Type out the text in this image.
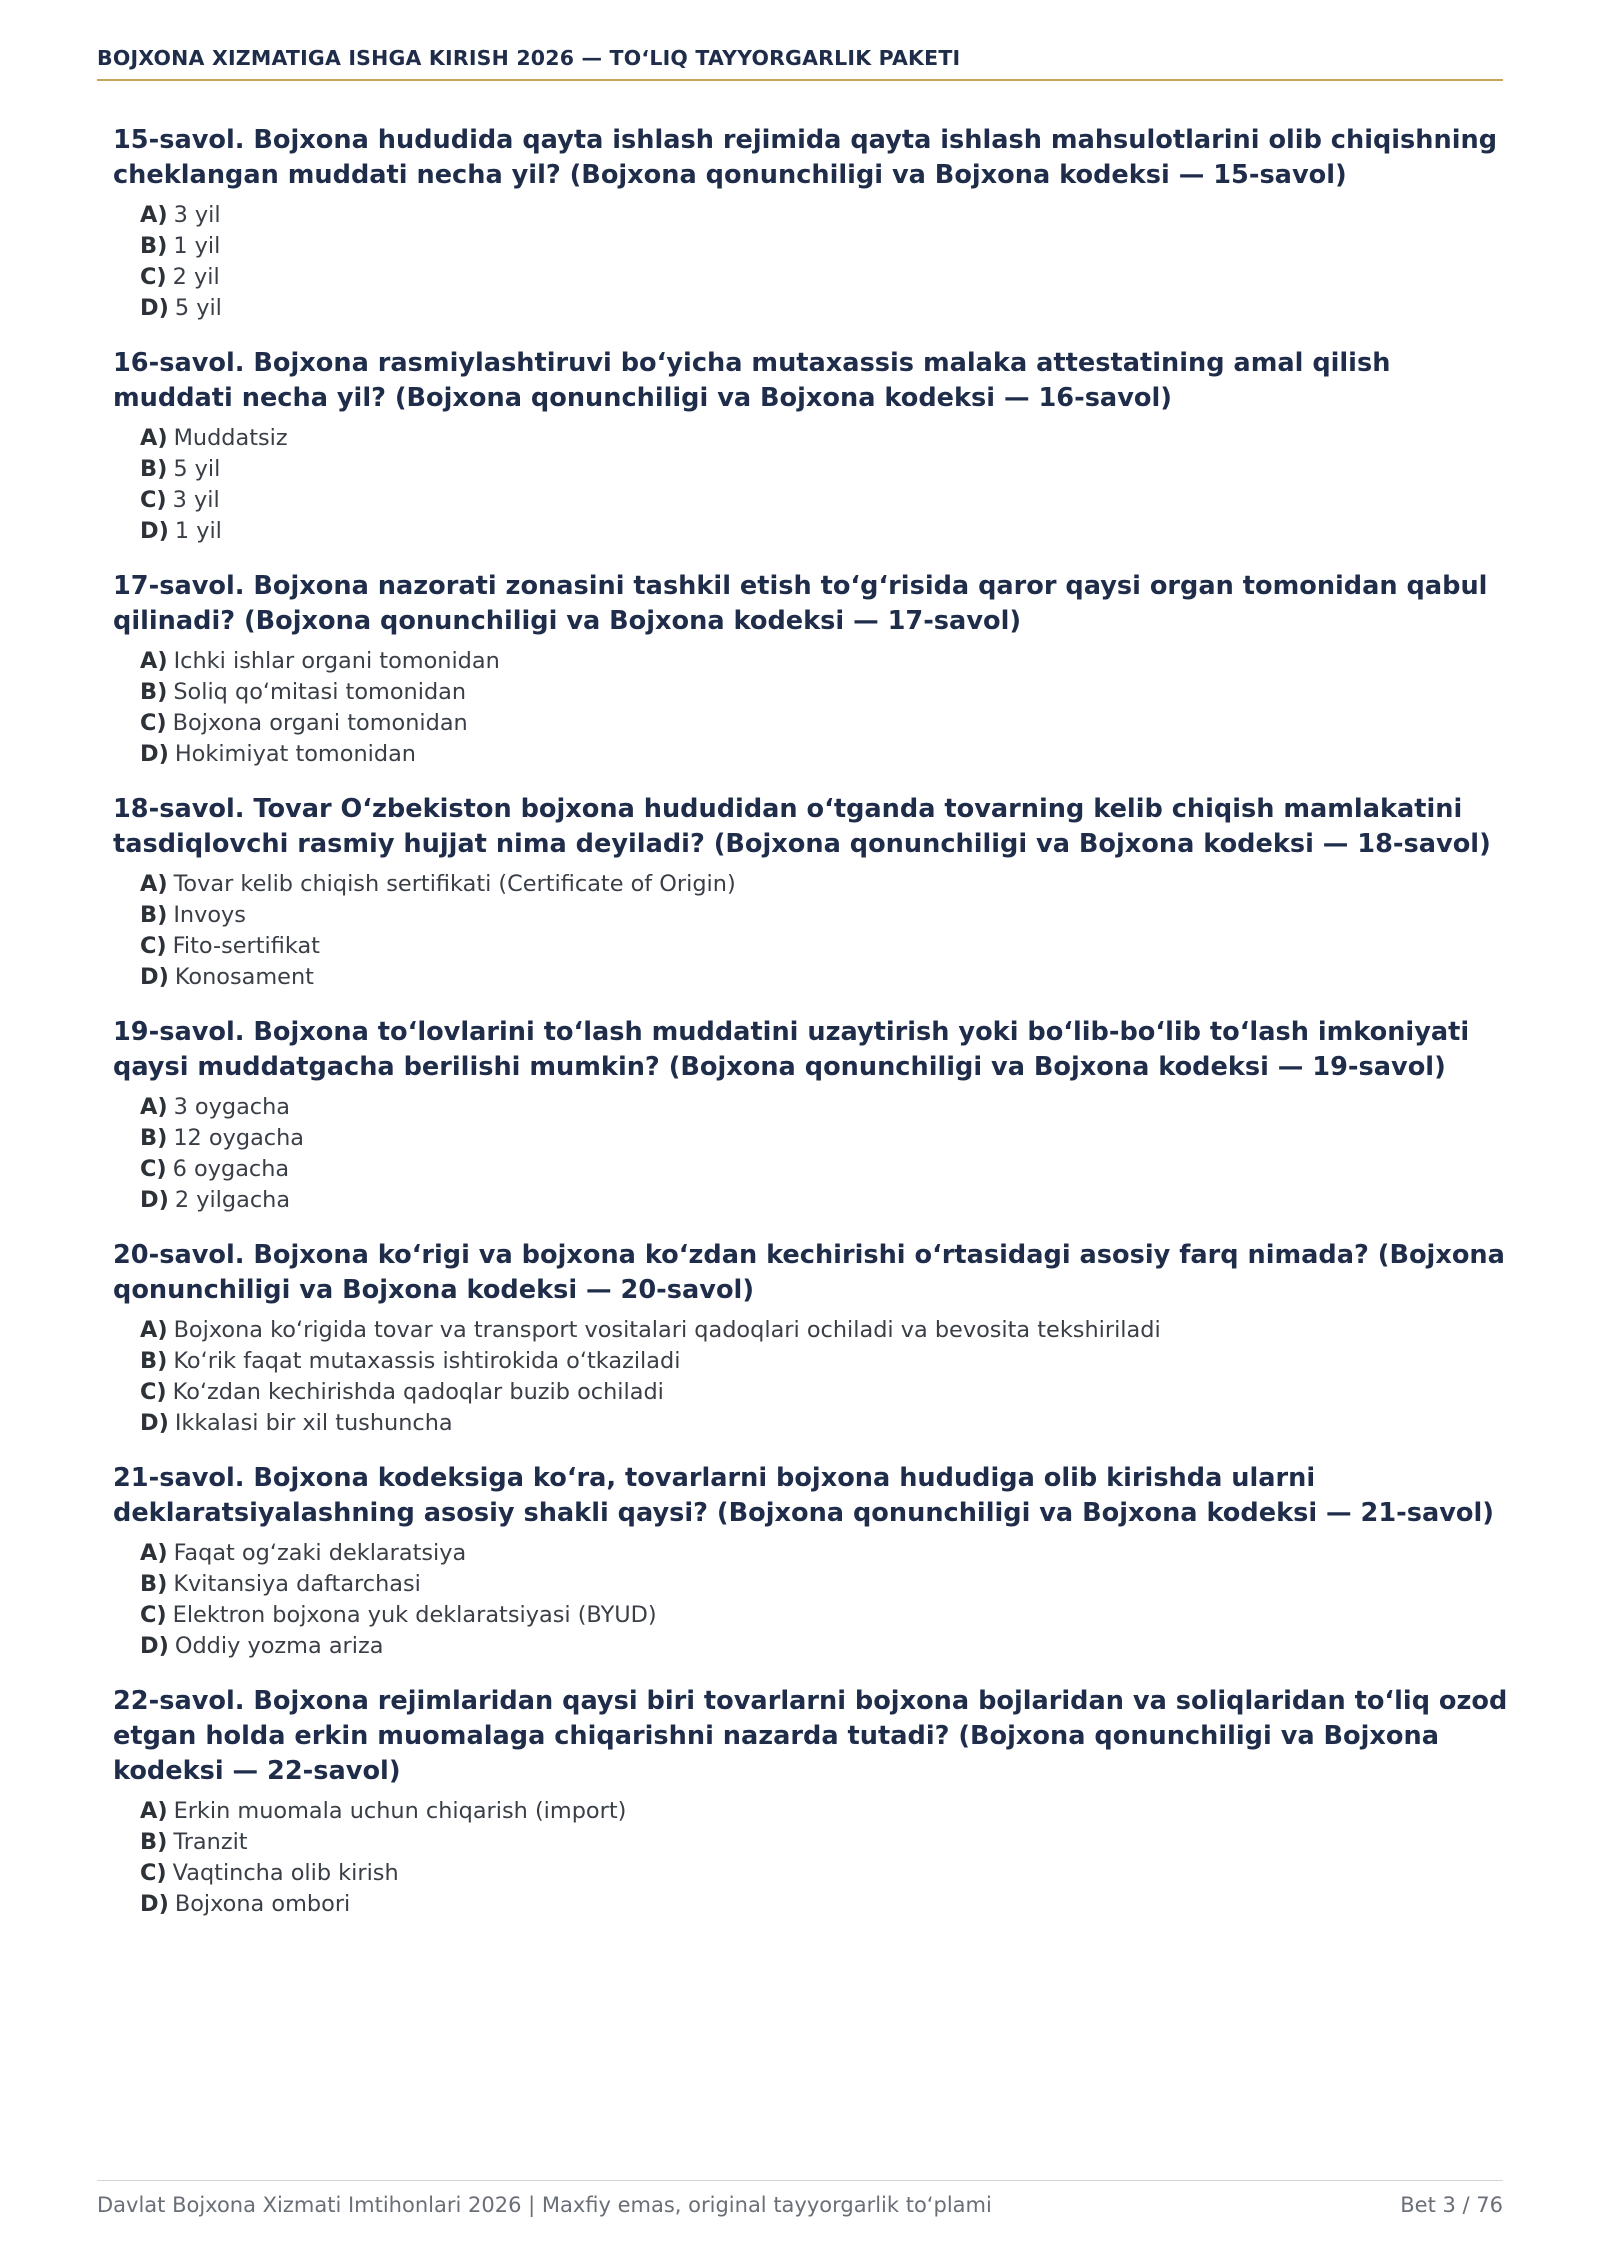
BOJXONA XIZMATIGA ISHGA KIRISH 2026 — TO‘LIQ TAYYORGARLIK PAKETI
15-savol. Bojxona hududida qayta ishlash rejimida qayta ishlash mahsulotlarini olib chiqishning cheklangan muddati necha yil? (Bojxona qonunchiligi va Bojxona kodeksi — 15-savol)
A) 3 yil
B) 1 yil
C) 2 yil
D) 5 yil
16-savol. Bojxona rasmiylashtiruvi bo‘yicha mutaxassis malaka attestatining amal qilish muddati necha yil? (Bojxona qonunchiligi va Bojxona kodeksi — 16-savol)
A) Muddatsiz
B) 5 yil
C) 3 yil
D) 1 yil
17-savol. Bojxona nazorati zonasini tashkil etish to‘g‘risida qaror qaysi organ tomonidan qabul qilinadi? (Bojxona qonunchiligi va Bojxona kodeksi — 17-savol)
A) Ichki ishlar organi tomonidan
B) Soliq qo‘mitasi tomonidan
C) Bojxona organi tomonidan
D) Hokimiyat tomonidan
18-savol. Tovar O‘zbekiston bojxona hududidan o‘tganda tovarning kelib chiqish mamlakatini tasdiqlovchi rasmiy hujjat nima deyiladi? (Bojxona qonunchiligi va Bojxona kodeksi — 18-savol)
A) Tovar kelib chiqish sertifikati (Certificate of Origin)
B) Invoys
C) Fito-sertifikat
D) Konosament
19-savol. Bojxona to‘lovlarini to‘lash muddatini uzaytirish yoki bo‘lib-bo‘lib to‘lash imkoniyati qaysi muddatgacha berilishi mumkin? (Bojxona qonunchiligi va Bojxona kodeksi — 19-savol)
A) 3 oygacha
B) 12 oygacha
C) 6 oygacha
D) 2 yilgacha
20-savol. Bojxona ko‘rigi va bojxona ko‘zdan kechirishi o‘rtasidagi asosiy farq nimada? (Bojxona qonunchiligi va Bojxona kodeksi — 20-savol)
A) Bojxona ko‘rigida tovar va transport vositalari qadoqlari ochiladi va bevosita tekshiriladi
B) Ko‘rik faqat mutaxassis ishtirokida o‘tkaziladi
C) Ko‘zdan kechirishda qadoqlar buzib ochiladi
D) Ikkalasi bir xil tushuncha
21-savol. Bojxona kodeksiga ko‘ra, tovarlarni bojxona hududiga olib kirishda ularni deklaratsiyalashning asosiy shakli qaysi? (Bojxona qonunchiligi va Bojxona kodeksi — 21-savol)
A) Faqat og‘zaki deklaratsiya
B) Kvitansiya daftarchasi
C) Elektron bojxona yuk deklaratsiyasi (BYUD)
D) Oddiy yozma ariza
22-savol. Bojxona rejimlaridan qaysi biri tovarlarni bojxona bojlaridan va soliqlaridan to‘liq ozod etgan holda erkin muomalaga chiqarishni nazarda tutadi? (Bojxona qonunchiligi va Bojxona kodeksi — 22-savol)
A) Erkin muomala uchun chiqarish (import)
B) Tranzit
C) Vaqtincha olib kirish
D) Bojxona ombori
Davlat Bojxona Xizmati Imtihonlari 2026 | Maxfiy emas, original tayyorgarlik to‘plami	Bet 3 / 76
